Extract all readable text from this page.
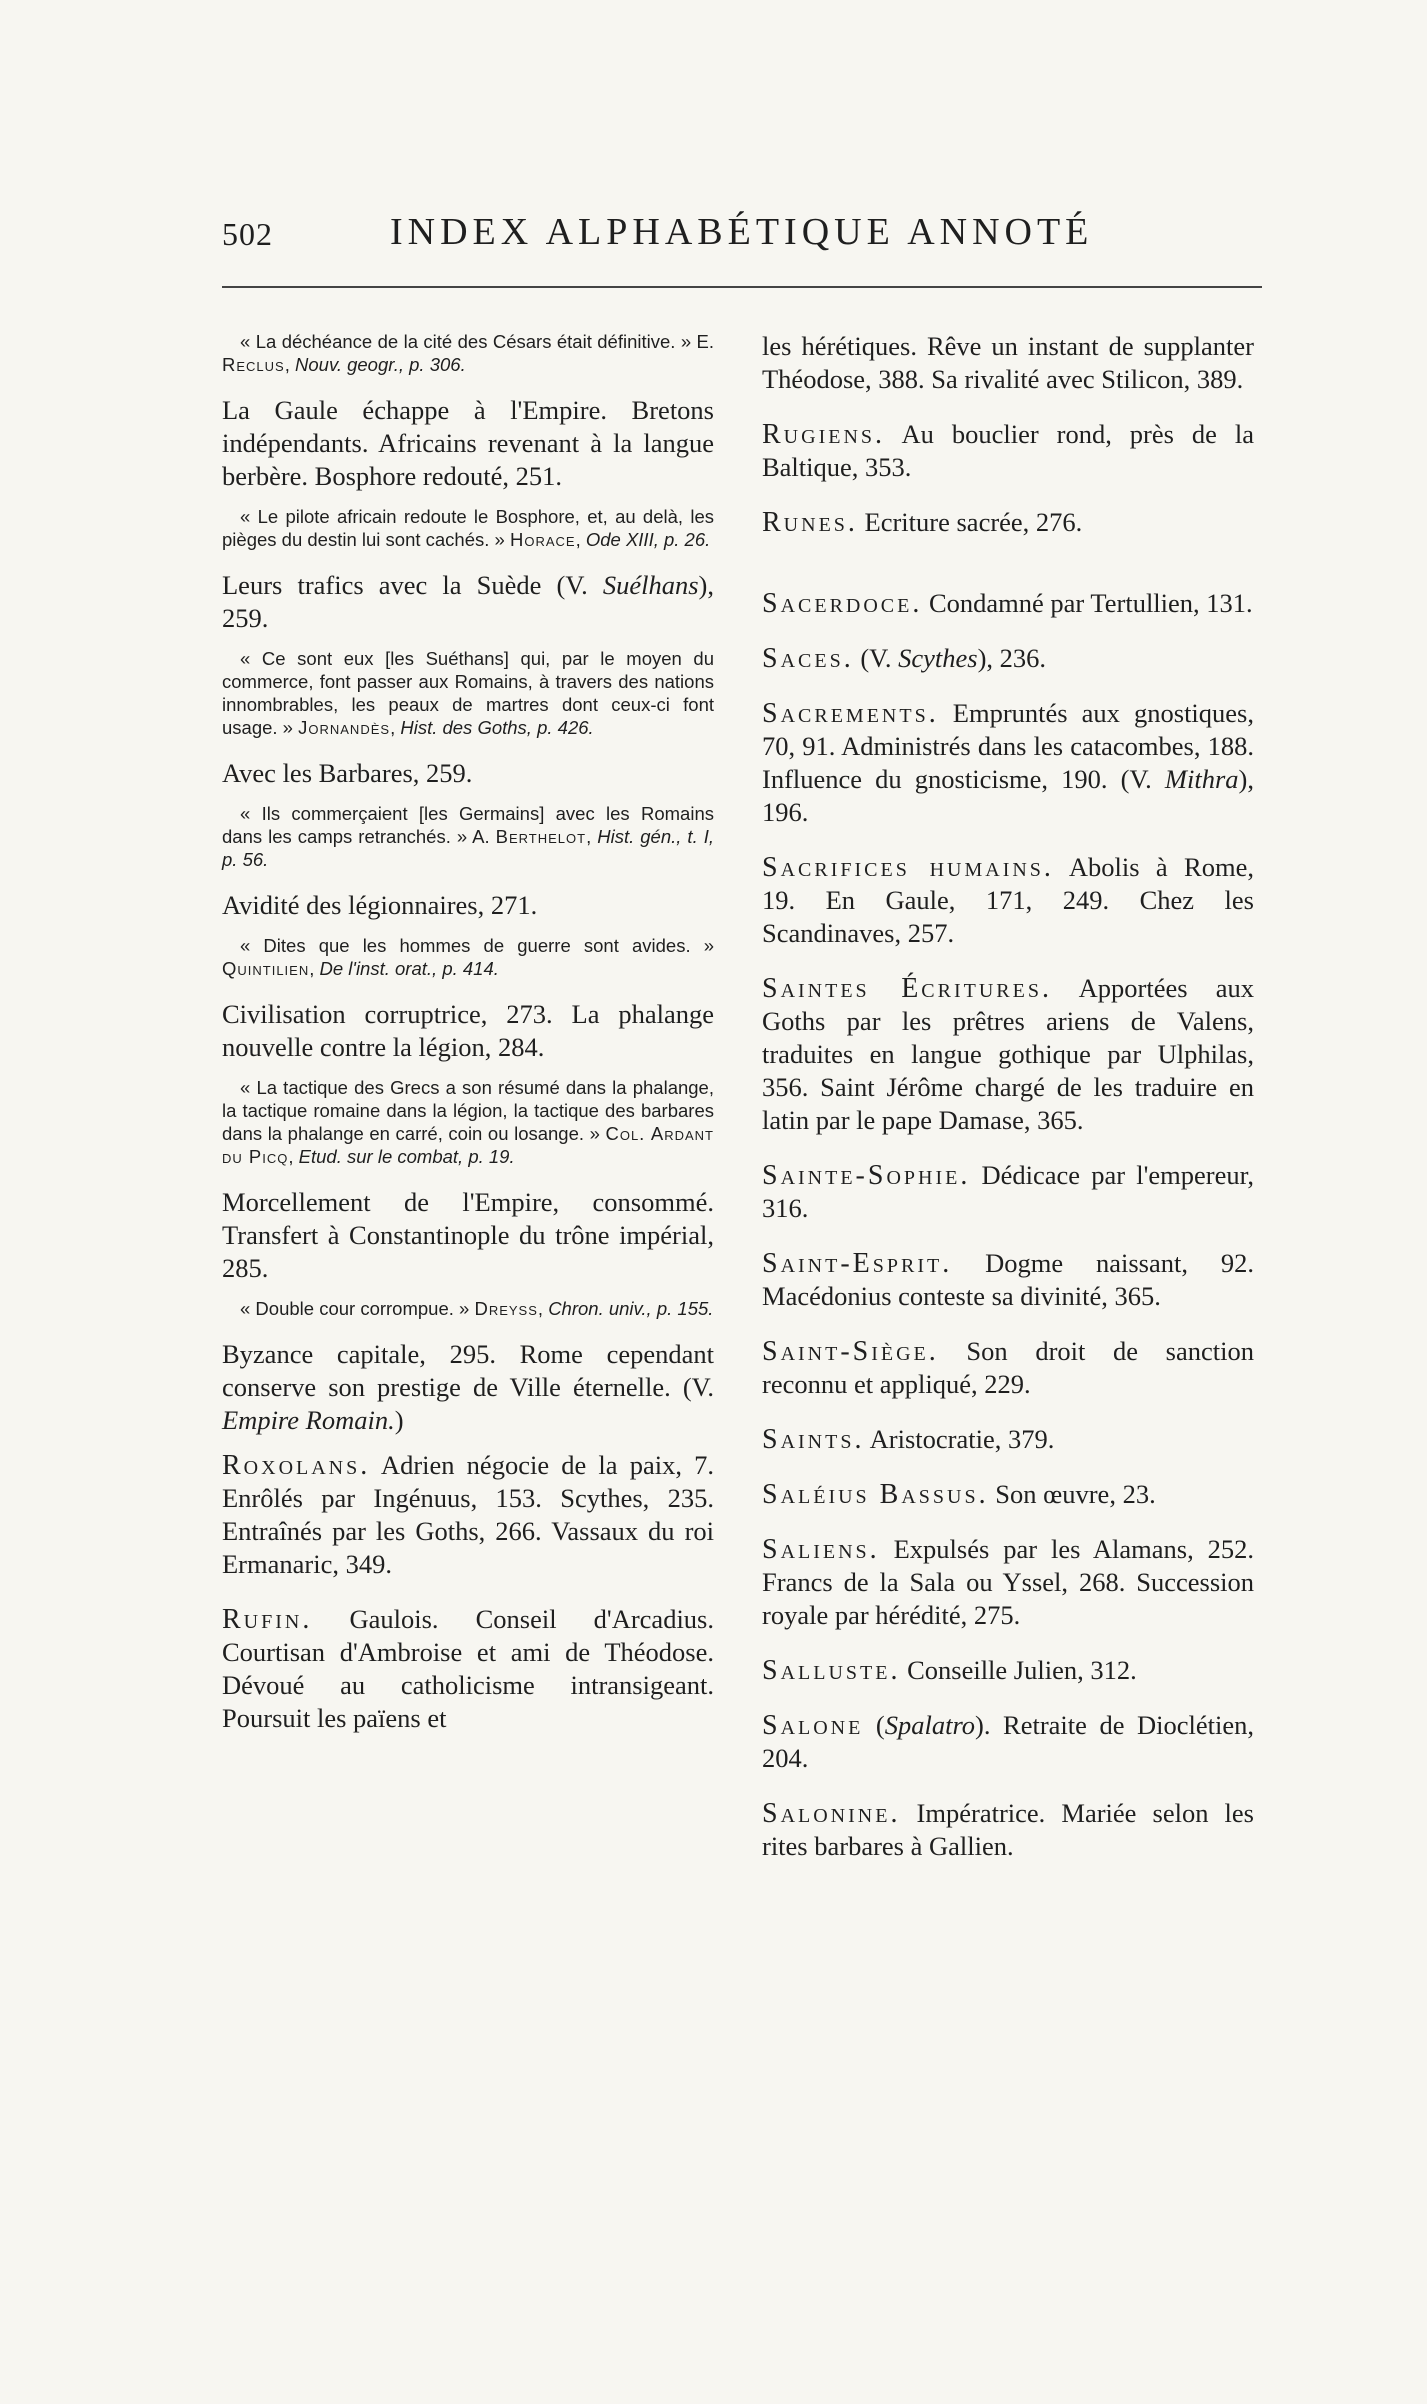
502	INDEX ALPHABÉTIQUE ANNOTÉ

« La déchéance de la cité des Césars était définitive. » E. Reclus, Nouv. geogr., p. 306.

La Gaule échappe à l'Empire. Bretons indépendants. Africains revenant à la langue berbère. Bosphore redouté, 251.

« Le pilote africain redoute le Bosphore, et, au delà, les pièges du destin lui sont cachés. » Horace, Ode XIII, p. 26.

Leurs trafics avec la Suède (V. Suélhans), 259.

« Ce sont eux [les Suéthans] qui, par le moyen du commerce, font passer aux Romains, à travers des nations innombrables, les peaux de martres dont ceux-ci font usage. » Jornandès, Hist. des Goths, p. 426.

Avec les Barbares, 259.

« Ils commerçaient [les Germains] avec les Romains dans les camps retranchés. » A. Berthelot, Hist. gén., t. I, p. 56.

Avidité des légionnaires, 271.

« Dites que les hommes de guerre sont avides. » Quintilien, De l'inst. orat., p. 414.

Civilisation corruptrice, 273. La phalange nouvelle contre la légion, 284.

« La tactique des Grecs a son résumé dans la phalange, la tactique romaine dans la légion, la tactique des barbares dans la phalange en carré, coin ou losange. » Col. Ardant du Picq, Etud. sur le combat, p. 19.

Morcellement de l'Empire, consommé. Transfert à Constantinople du trône impérial, 285.

« Double cour corrompue. » Dreyss, Chron. univ., p. 155.

Byzance capitale, 295. Rome cependant conserve son prestige de Ville éternelle. (V. Empire Romain.)

Roxolans. Adrien négocie de la paix, 7. Enrôlés par Ingénuus, 153. Scythes, 235. Entraînés par les Goths, 266. Vassaux du roi Ermanaric, 349.

Rufin. Gaulois. Conseil d'Arcadius. Courtisan d'Ambroise et ami de Théodose. Dévoué au catholicisme intransigeant. Poursuit les païens et

les hérétiques. Rêve un instant de supplanter Théodose, 388. Sa rivalité avec Stilicon, 389.

Rugiens. Au bouclier rond, près de la Baltique, 353.

Runes. Ecriture sacrée, 276.

Sacerdoce. Condamné par Tertullien, 131.

Saces. (V. Scythes), 236.

Sacrements. Empruntés aux gnostiques, 70, 91. Administrés dans les catacombes, 188. Influence du gnosticisme, 190. (V. Mithra), 196.

Sacrifices humains. Abolis à Rome, 19. En Gaule, 171, 249. Chez les Scandinaves, 257.

Saintes Écritures. Apportées aux Goths par les prêtres ariens de Valens, traduites en langue gothique par Ulphilas, 356. Saint Jérôme chargé de les traduire en latin par le pape Damase, 365.

Sainte-Sophie. Dédicace par l'empereur, 316.

Saint-Esprit. Dogme naissant, 92. Macédonius conteste sa divinité, 365.

Saint-Siège. Son droit de sanction reconnu et appliqué, 229.

Saints. Aristocratie, 379.

Saléius Bassus. Son œuvre, 23.

Saliens. Expulsés par les Alamans, 252. Francs de la Sala ou Yssel, 268. Succession royale par hérédité, 275.

Salluste. Conseille Julien, 312.

Salone (Spalatro). Retraite de Dioclétien, 204.

Salonine. Impératrice. Mariée selon les rites barbares à Gallien.
